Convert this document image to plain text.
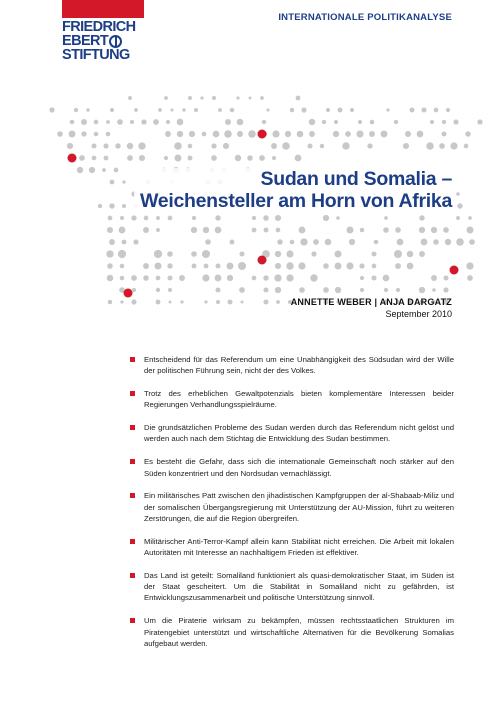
FRIEDRICH
EBERT
STIFTUNG
INTERNATIONALE POLITIKANALYSE
Sudan und Somalia –
Weichensteller am Horn von Afrika
ANNETTE WEBER | ANJA DARGATZ
September 2010
Entscheidend für das Referendum um eine Unabhängigkeit des Südsudan wird der Wille der politischen Führung sein, nicht der des Volkes.
Trotz des erheblichen Gewaltpotenzials bieten komplementäre Interessen beider Regierungen Verhandlungsspielräume.
Die grundsätzlichen Probleme des Sudan werden durch das Referendum nicht gelöst und werden auch nach dem Stichtag die Entwicklung des Sudan bestimmen.
Es besteht die Gefahr, dass sich die internationale Gemeinschaft noch stärker auf den Süden konzentriert und den Nordsudan vernachlässigt.
Ein militärisches Patt zwischen den jihadistischen Kampfgruppen der al-Shabaab-Miliz und der somalischen Übergangsregierung mit Unterstützung der AU-Mission, führt zu weiteren Zerstörungen, die auf die Region übergreifen.
Militärischer Anti-Terror-Kampf allein kann Stabilität nicht erreichen. Die Arbeit mit lokalen Autoritäten mit Interesse an nachhaltigem Frieden ist effektiver.
Das Land ist geteilt: Somaliland funktioniert als quasi-demokratischer Staat, im Süden ist der Staat gescheitert. Um die Stabilität in Somaliland nicht zu gefährden, ist Entwicklungszusammenarbeit und politische Unterstützung sinnvoll.
Um die Piraterie wirksam zu bekämpfen, müssen rechtsstaatlichen Strukturen im Piratengebiet unterstützt und wirtschaftliche Alternativen für die Bevölkerung Somalias aufgebaut werden.
